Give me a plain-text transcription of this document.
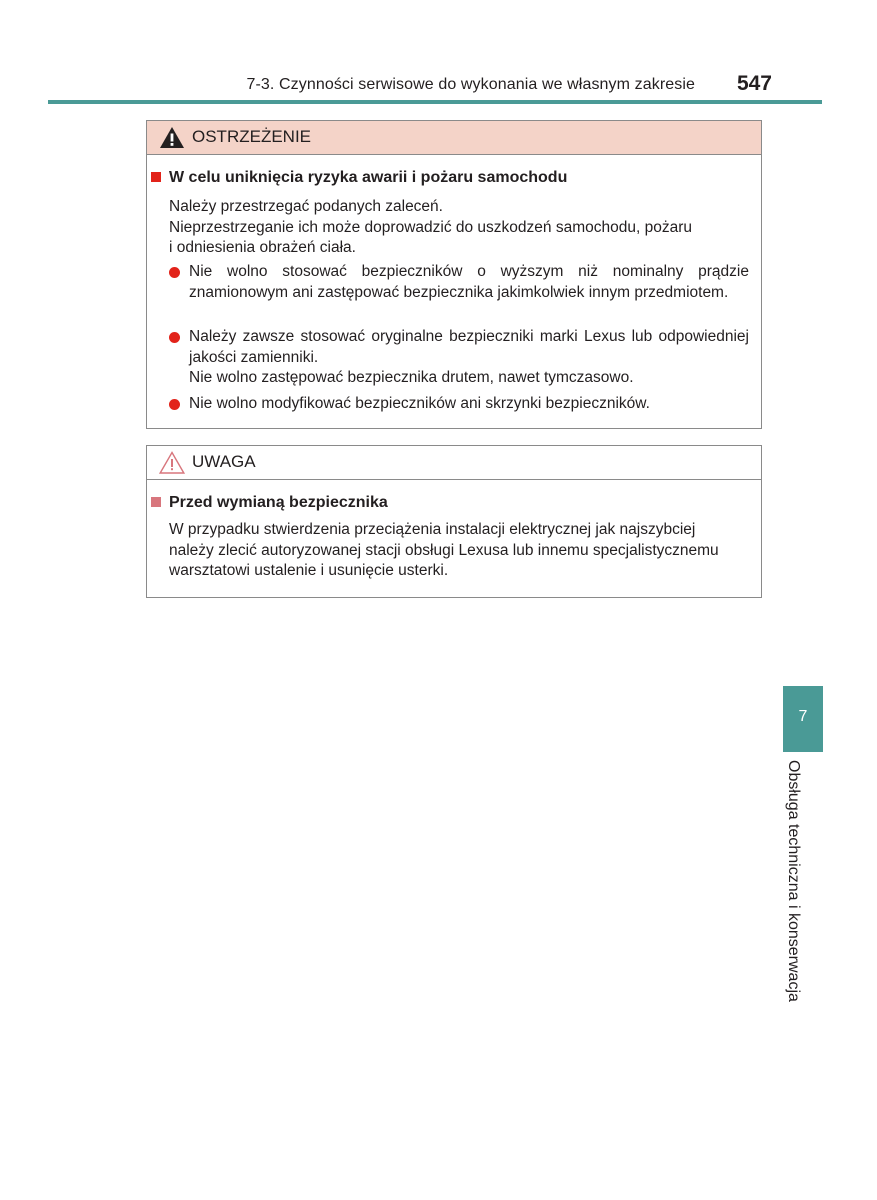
7-3. Czynności serwisowe do wykonania we własnym zakresie	547
OSTRZEŻENIE
W celu uniknięcia ryzyka awarii i pożaru samochodu
Należy przestrzegać podanych zaleceń.
Nieprzestrzeganie ich może doprowadzić do uszkodzeń samochodu, pożaru
i odniesienia obrażeń ciała.
Nie wolno stosować bezpieczników o wyższym niż nominalny prądzie znamionowym ani zastępować bezpiecznika jakimkolwiek innym przedmiotem.
Należy zawsze stosować oryginalne bezpieczniki marki Lexus lub odpowiedniej jakości zamienniki.
Nie wolno zastępować bezpiecznika drutem, nawet tymczasowo.
Nie wolno modyfikować bezpieczników ani skrzynki bezpieczników.
UWAGA
Przed wymianą bezpiecznika
W przypadku stwierdzenia przeciążenia instalacji elektrycznej jak najszybciej
należy zlecić autoryzowanej stacji obsługi Lexusa lub innemu specjalistycznemu
warsztatowi ustalenie i usunięcie usterki.
7
Obsługa techniczna i konserwacja
